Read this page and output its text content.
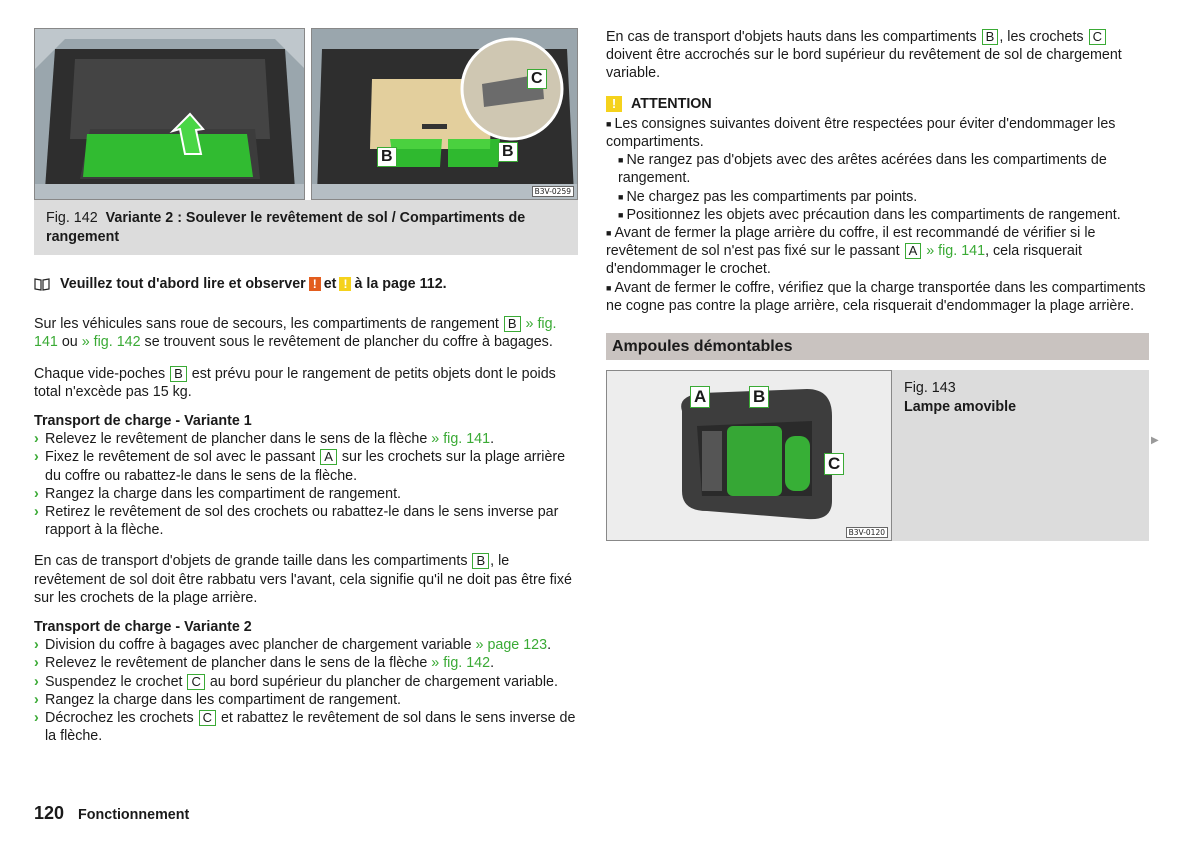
B	B
C
B3V-0259
Fig. 142 Variante 2 : Soulever le revêtement de sol / Compartiments de rangement
Veuillez tout d'abord lire et observer ! et ! à la page 112.

Sur les véhicules sans roue de secours, les compartiments de rangement B » fig. 141 ou » fig. 142 se trouvent sous le revêtement de plancher du coffre à bagages.

Chaque vide-poches B est prévu pour le rangement de petits objets dont le poids total n'excède pas 15 kg.

Transport de charge - Variante 1

› Relevez le revêtement de plancher dans le sens de la flèche » fig. 141.
› Fixez le revêtement de sol avec le passant A sur les crochets sur la plage arrière du coffre ou rabattez-le dans le sens de la flèche.
› Rangez la charge dans les compartiment de rangement.
› Retirez le revêtement de sol des crochets ou rabattez-le dans le sens inverse par rapport à la flèche.

En cas de transport d'objets de grande taille dans les compartiments B , le revêtement de sol doit être rabbatu vers l'avant, cela signifie qu'il ne doit pas être fixé sur les crochets de la plage arrière.

Transport de charge - Variante 2

› Division du coffre à bagages avec plancher de chargement variable » page 123.
› Relevez le revêtement de plancher dans le sens de la flèche » fig. 142.
› Suspendez le crochet C au bord supérieur du plancher de chargement variable.
› Rangez la charge dans les compartiment de rangement.
› Décrochez les crochets C et rabattez le revêtement de sol dans le sens inverse de la flèche.

En cas de transport d'objets hauts dans les compartiments B , les crochets C doivent être accrochés sur le bord supérieur du revêtement de sol de chargement variable.

!	ATTENTION

■ Les consignes suivantes doivent être respectées pour éviter d'endommager les compartiments.

■ Ne rangez pas d'objets avec des arêtes acérées dans les compartiments de rangement.

■ Ne chargez pas les compartiments par points.

■ Positionnez les objets avec précaution dans les compartiments de rangement.

■ Avant de fermer la plage arrière du coffre, il est recommandé de vérifier si le revêtement de sol n'est pas fixé sur le passant A » fig. 141, cela risquerait d'endommager le crochet.

■ Avant de fermer le coffre, vérifiez que la charge transportée dans les compartiments ne cogne pas contre la plage arrière, cela risquerait d'endommager la plage arrière.

Ampoules démontables
A	B
C
B3V-0120
Fig. 143
Lampe amovible
▶
120 Fonctionnement
